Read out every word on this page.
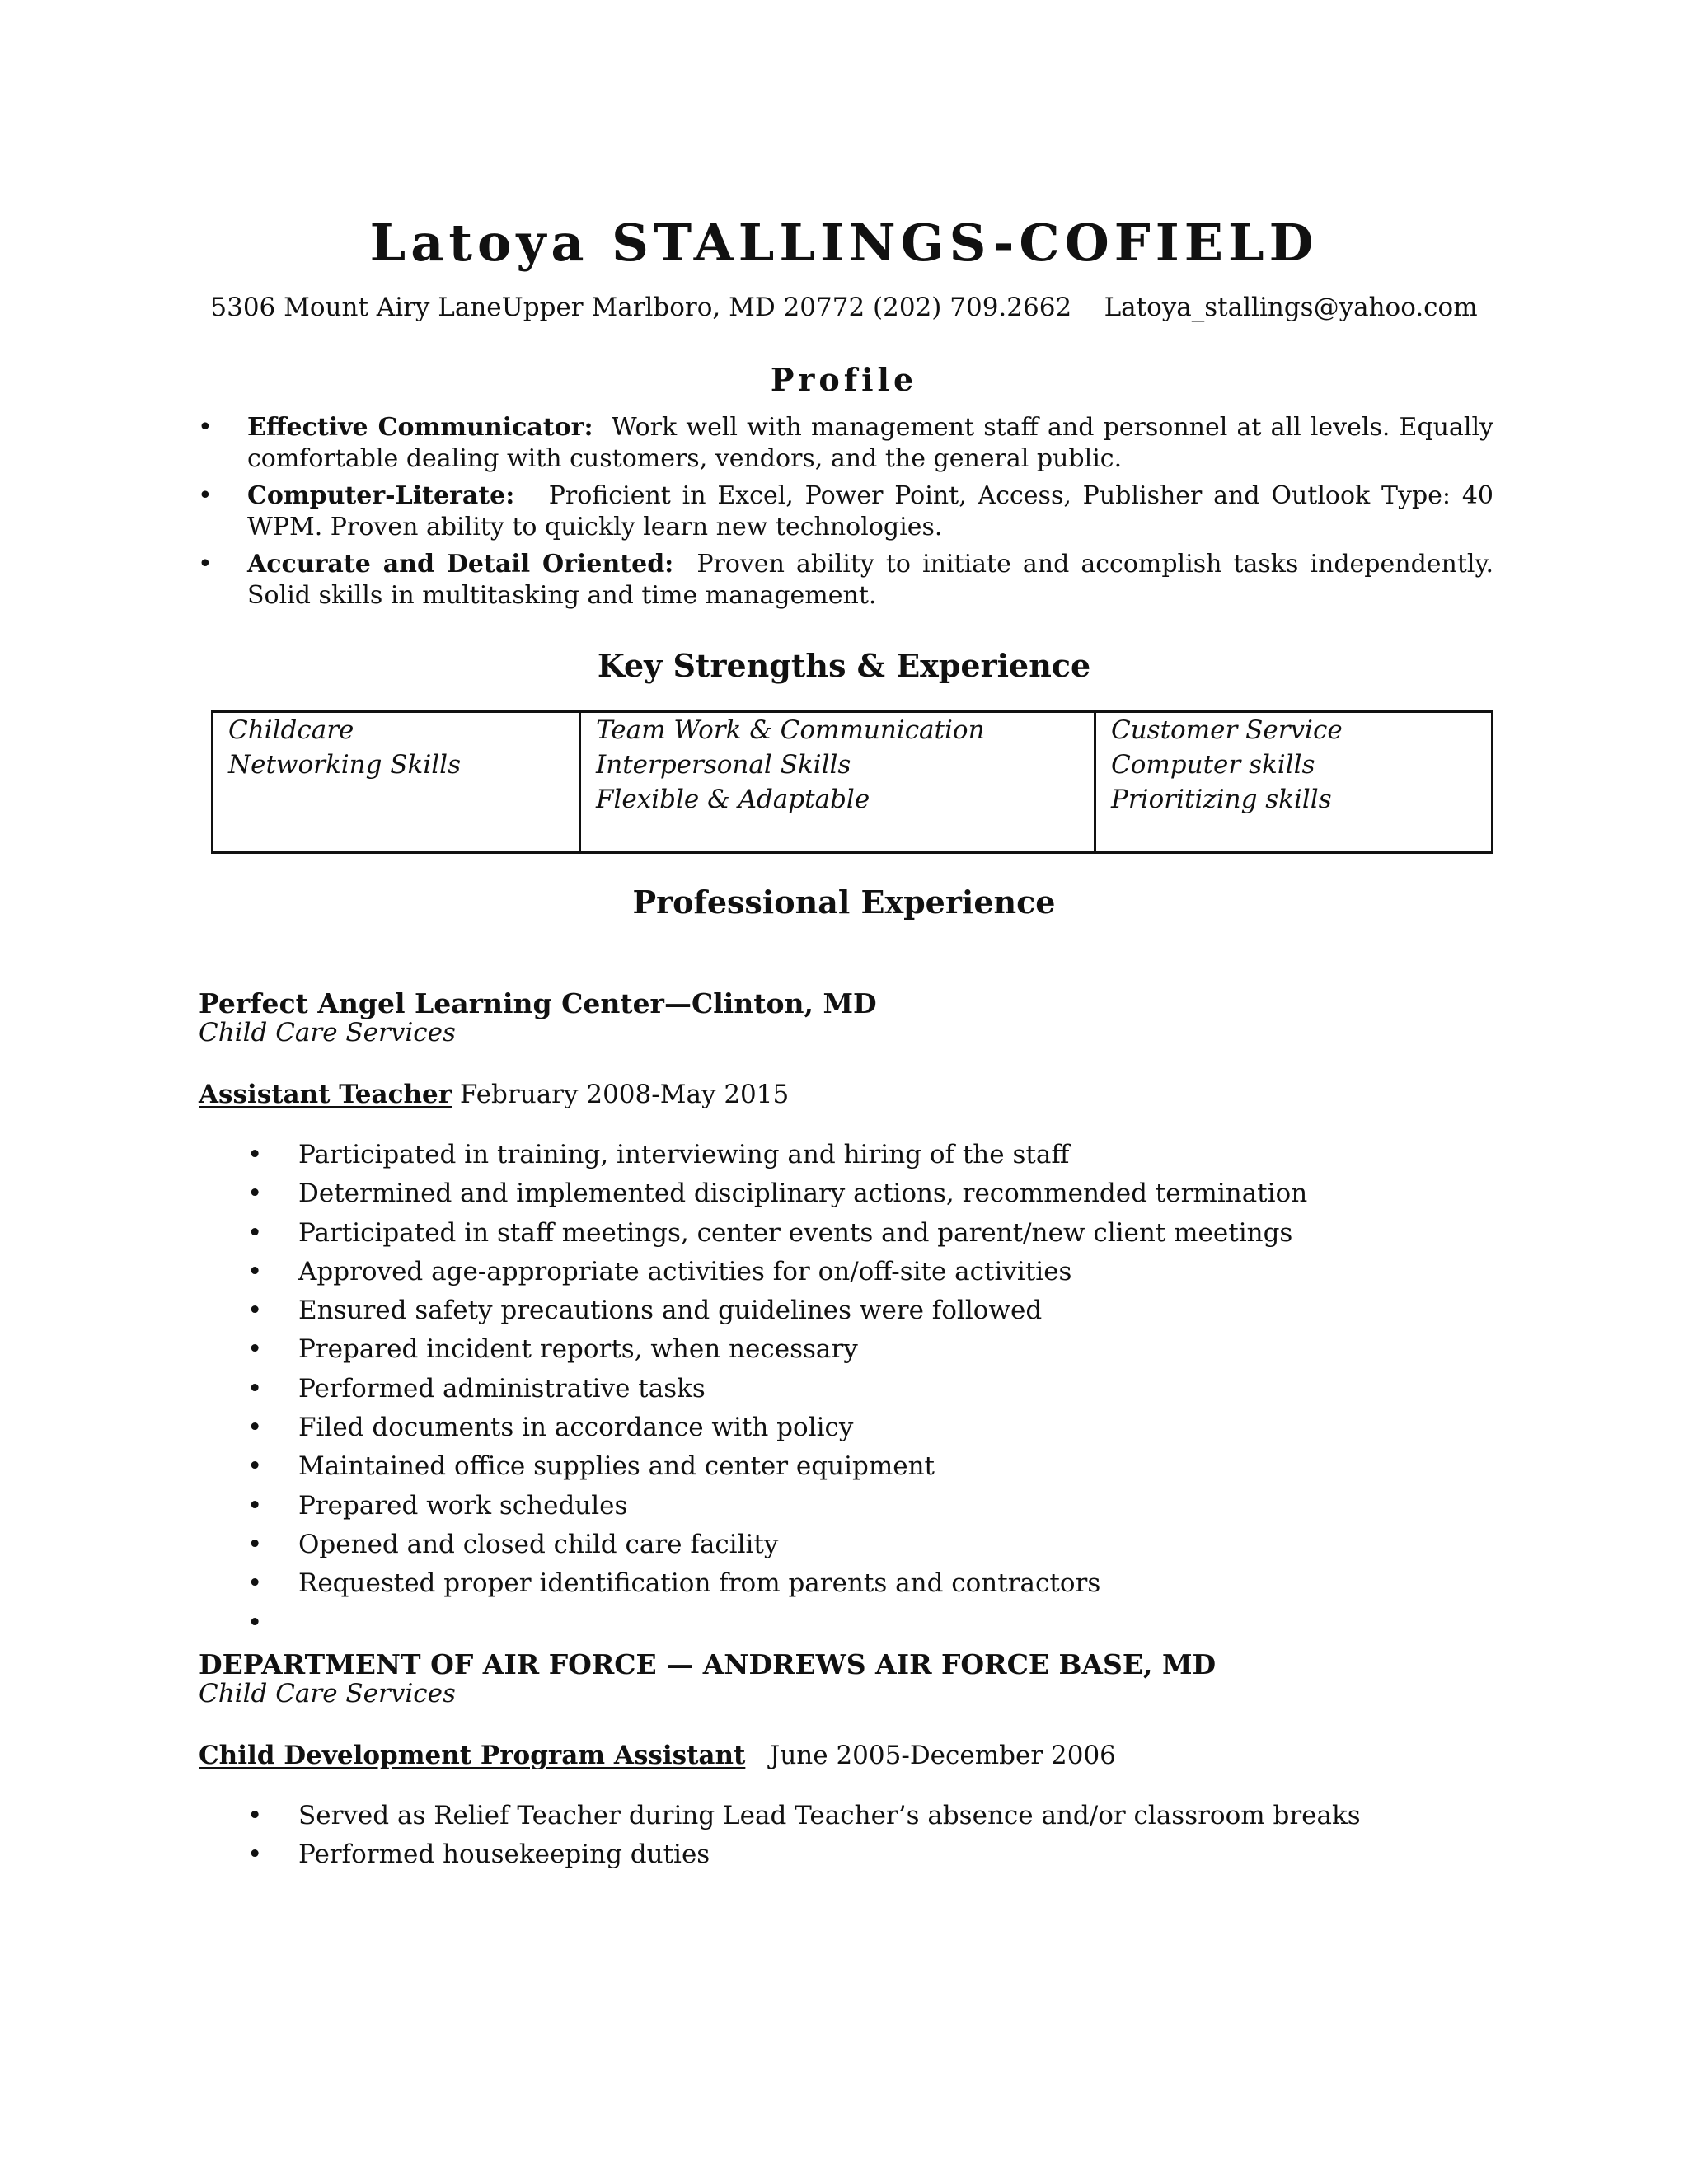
Latoya STALLINGS-COFIELD
5306 Mount Airy LaneUpper Marlboro, MD 20772 (202) 709.2662    Latoya_stallings@yahoo.com
Profile
• Effective Communicator: Work well with management staff and personnel at all levels. Equally comfortable dealing with customers, vendors, and the general public.
• Computer-Literate: Proficient in Excel, Power Point, Access, Publisher and Outlook Type: 40 WPM. Proven ability to quickly learn new technologies.
• Accurate and Detail Oriented: Proven ability to initiate and accomplish tasks independently. Solid skills in multitasking and time management.
Key Strengths & Experience
Childcare
Networking Skills
Team Work & Communication
Interpersonal Skills
Flexible & Adaptable
Customer Service
Computer skills
Prioritizing skills
Professional Experience
Perfect Angel Learning Center—Clinton, MD
Child Care Services
Assistant Teacher February 2008-May 2015
• Participated in training, interviewing and hiring of the staff
• Determined and implemented disciplinary actions, recommended termination
• Participated in staff meetings, center events and parent/new client meetings
• Approved age-appropriate activities for on/off-site activities
• Ensured safety precautions and guidelines were followed
• Prepared incident reports, when necessary
• Performed administrative tasks
• Filed documents in accordance with policy
• Maintained office supplies and center equipment
• Prepared work schedules
• Opened and closed child care facility
• Requested proper identification from parents and contractors
•
DEPARTMENT OF AIR FORCE — ANDREWS AIR FORCE BASE, MD
Child Care Services
Child Development Program Assistant   June 2005-December 2006
• Served as Relief Teacher during Lead Teacher’s absence and/or classroom breaks
• Performed housekeeping duties
